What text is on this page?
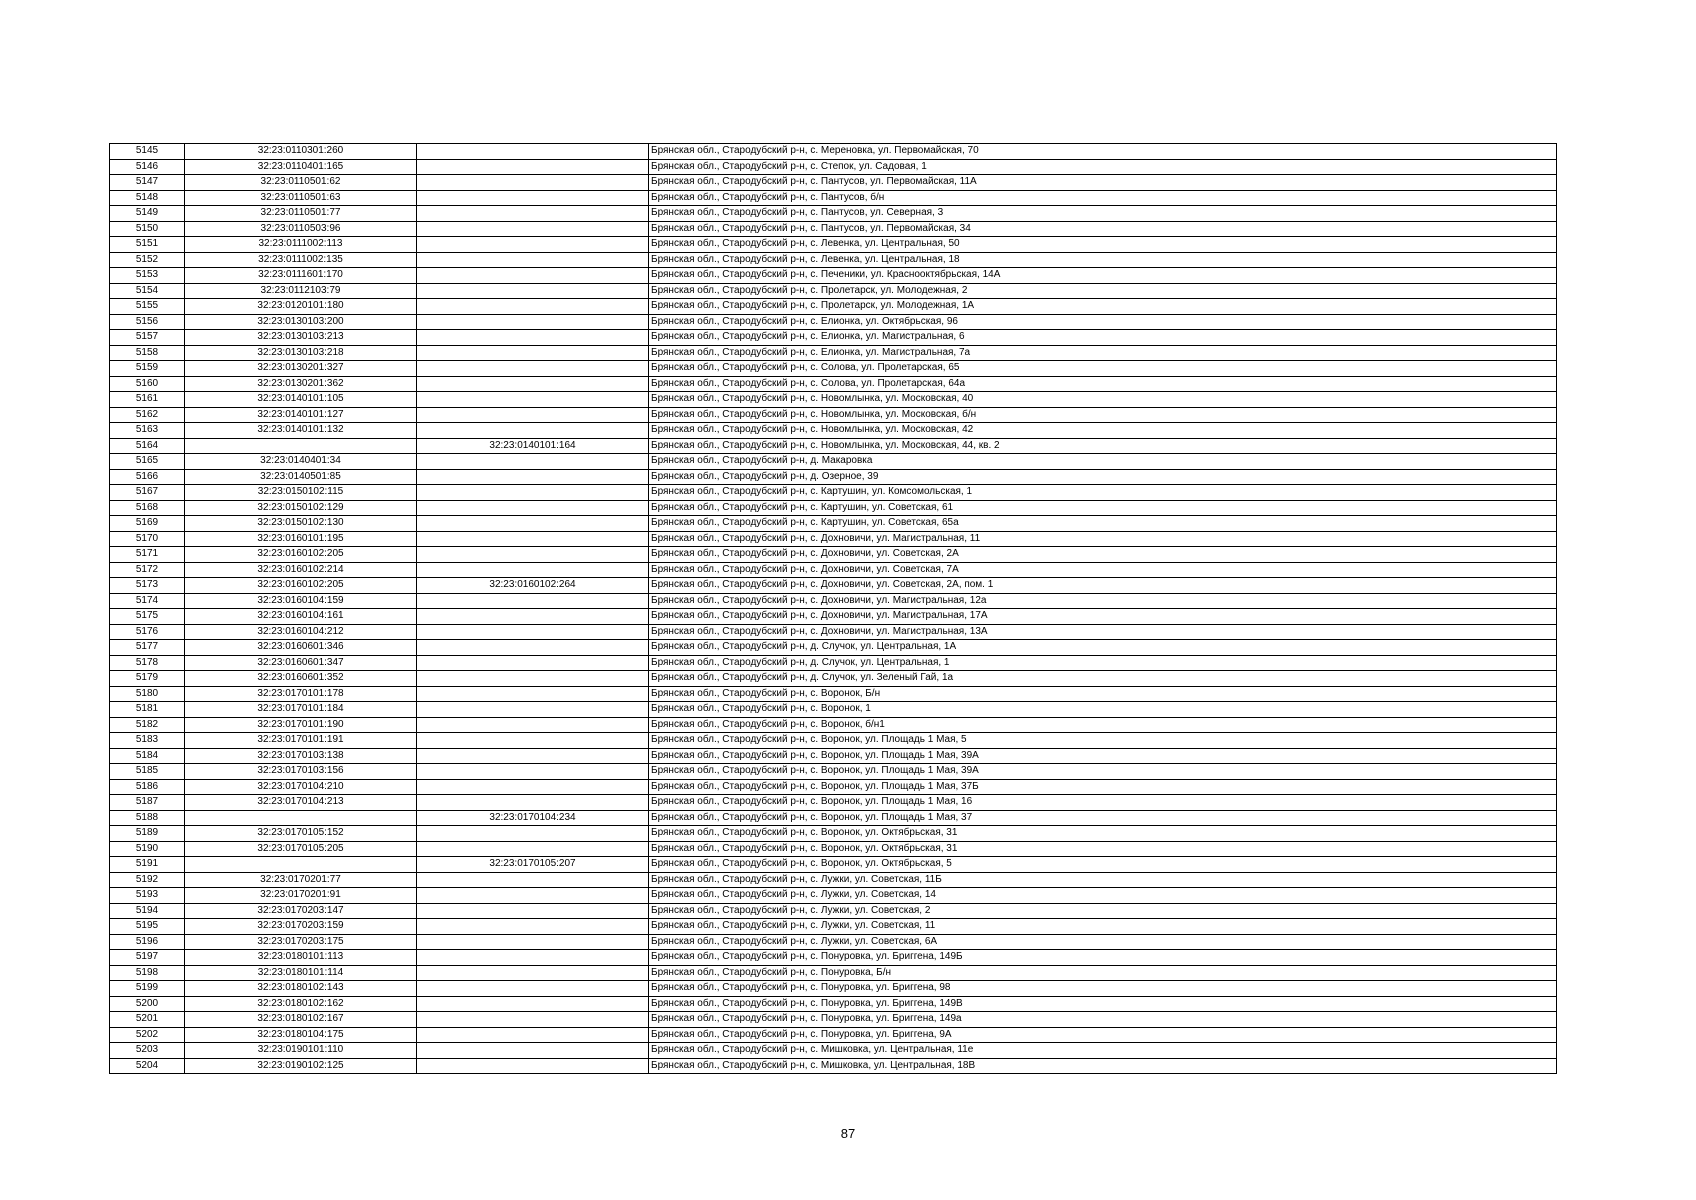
5145	32:23:0110301:260		Брянская обл., Стародубский р-н, с. Мереновка, ул. Первомайская, 70
5146	32:23:0110401:165		Брянская обл., Стародубский р-н, с. Степок, ул. Садовая, 1
5147	32:23:0110501:62		Брянская обл., Стародубский р-н, с. Пантусов, ул. Первомайская, 11А
5148	32:23:0110501:63		Брянская обл., Стародубский р-н, с. Пантусов, б/н
5149	32:23:0110501:77		Брянская обл., Стародубский р-н, с. Пантусов, ул. Северная, 3
5150	32:23:0110503:96		Брянская обл., Стародубский р-н, с. Пантусов, ул. Первомайская, 34
5151	32:23:0111002:113		Брянская обл., Стародубский р-н, с. Левенка, ул. Центральная, 50
5152	32:23:0111002:135		Брянская обл., Стародубский р-н, с. Левенка, ул. Центральная, 18
5153	32:23:0111601:170		Брянская обл., Стародубский р-н, с. Печеники, ул. Краснооктябрьская, 14А
5154	32:23:0112103:79		Брянская обл., Стародубский р-н, с. Пролетарск, ул. Молодежная, 2
5155	32:23:0120101:180		Брянская обл., Стародубский р-н, с. Пролетарск, ул. Молодежная, 1А
5156	32:23:0130103:200		Брянская обл., Стародубский р-н, с. Елионка, ул. Октябрьская, 96
5157	32:23:0130103:213		Брянская обл., Стародубский р-н, с. Елионка, ул. Магистральная, 6
5158	32:23:0130103:218		Брянская обл., Стародубский р-н, с. Елионка, ул. Магистральная, 7а
5159	32:23:0130201:327		Брянская обл., Стародубский р-н, с. Солова, ул. Пролетарская, 65
5160	32:23:0130201:362		Брянская обл., Стародубский р-н, с. Солова, ул. Пролетарская, 64а
5161	32:23:0140101:105		Брянская обл., Стародубский р-н, с. Новомлынка, ул. Московская, 40
5162	32:23:0140101:127		Брянская обл., Стародубский р-н, с. Новомлынка, ул. Московская, б/н
5163	32:23:0140101:132		Брянская обл., Стародубский р-н, с. Новомлынка, ул. Московская, 42
5164		32:23:0140101:164	Брянская обл., Стародубский р-н, с. Новомлынка, ул. Московская, 44, кв. 2
5165	32:23:0140401:34		Брянская обл., Стародубский р-н, д. Макаровка
5166	32:23:0140501:85		Брянская обл., Стародубский р-н, д. Озерное, 39
5167	32:23:0150102:115		Брянская обл., Стародубский р-н, с. Картушин, ул. Комсомольская, 1
5168	32:23:0150102:129		Брянская обл., Стародубский р-н, с. Картушин, ул. Советская, 61
5169	32:23:0150102:130		Брянская обл., Стародубский р-н, с. Картушин, ул. Советская, 65а
5170	32:23:0160101:195		Брянская обл., Стародубский р-н, с. Дохновичи, ул. Магистральная, 11
5171	32:23:0160102:205		Брянская обл., Стародубский р-н, с. Дохновичи, ул. Советская, 2А
5172	32:23:0160102:214		Брянская обл., Стародубский р-н, с. Дохновичи, ул. Советская, 7А
5173	32:23:0160102:205	32:23:0160102:264	Брянская обл., Стародубский р-н, с. Дохновичи, ул. Советская, 2А, пом. 1
5174	32:23:0160104:159		Брянская обл., Стародубский р-н, с. Дохновичи, ул. Магистральная, 12а
5175	32:23:0160104:161		Брянская обл., Стародубский р-н, с. Дохновичи, ул. Магистральная, 17А
5176	32:23:0160104:212		Брянская обл., Стародубский р-н, с. Дохновичи, ул. Магистральная, 13А
5177	32:23:0160601:346		Брянская обл., Стародубский р-н, д. Случок, ул. Центральная, 1А
5178	32:23:0160601:347		Брянская обл., Стародубский р-н, д. Случок, ул. Центральная, 1
5179	32:23:0160601:352		Брянская обл., Стародубский р-н, д. Случок, ул. Зеленый Гай, 1а
5180	32:23:0170101:178		Брянская обл., Стародубский р-н, с. Воронок, Б/н
5181	32:23:0170101:184		Брянская обл., Стародубский р-н, с. Воронок, 1
5182	32:23:0170101:190		Брянская обл., Стародубский р-н, с. Воронок, б/н1
5183	32:23:0170101:191		Брянская обл., Стародубский р-н, с. Воронок, ул. Площадь 1 Мая, 5
5184	32:23:0170103:138		Брянская обл., Стародубский р-н, с. Воронок, ул. Площадь 1 Мая, 39А
5185	32:23:0170103:156		Брянская обл., Стародубский р-н, с. Воронок, ул. Площадь 1 Мая, 39А
5186	32:23:0170104:210		Брянская обл., Стародубский р-н, с. Воронок, ул. Площадь 1 Мая, 37Б
5187	32:23:0170104:213		Брянская обл., Стародубский р-н, с. Воронок, ул. Площадь 1 Мая, 16
5188		32:23:0170104:234	Брянская обл., Стародубский р-н, с. Воронок, ул. Площадь 1 Мая, 37
5189	32:23:0170105:152		Брянская обл., Стародубский р-н, с. Воронок, ул. Октябрьская, 31
5190	32:23:0170105:205		Брянская обл., Стародубский р-н, с. Воронок, ул. Октябрьская, 31
5191		32:23:0170105:207	Брянская обл., Стародубский р-н, с. Воронок, ул. Октябрьская, 5
5192	32:23:0170201:77		Брянская обл., Стародубский р-н, с. Лужки, ул. Советская, 11Б
5193	32:23:0170201:91		Брянская обл., Стародубский р-н, с. Лужки, ул. Советская, 14
5194	32:23:0170203:147		Брянская обл., Стародубский р-н, с. Лужки, ул. Советская, 2
5195	32:23:0170203:159		Брянская обл., Стародубский р-н, с. Лужки, ул. Советская, 11
5196	32:23:0170203:175		Брянская обл., Стародубский р-н, с. Лужки, ул. Советская, 6А
5197	32:23:0180101:113		Брянская обл., Стародубский р-н, с. Понуровка, ул. Бриггена, 149Б
5198	32:23:0180101:114		Брянская обл., Стародубский р-н, с. Понуровка, Б/н
5199	32:23:0180102:143		Брянская обл., Стародубский р-н, с. Понуровка, ул. Бриггена, 98
5200	32:23:0180102:162		Брянская обл., Стародубский р-н, с. Понуровка, ул. Бриггена, 149В
5201	32:23:0180102:167		Брянская обл., Стародубский р-н, с. Понуровка, ул. Бриггена, 149а
5202	32:23:0180104:175		Брянская обл., Стародубский р-н, с. Понуровка, ул. Бриггена, 9А
5203	32:23:0190101:110		Брянская обл., Стародубский р-н, с. Мишковка, ул. Центральная, 11е
5204	32:23:0190102:125		Брянская обл., Стародубский р-н, с. Мишковка, ул. Центральная, 18В
87
